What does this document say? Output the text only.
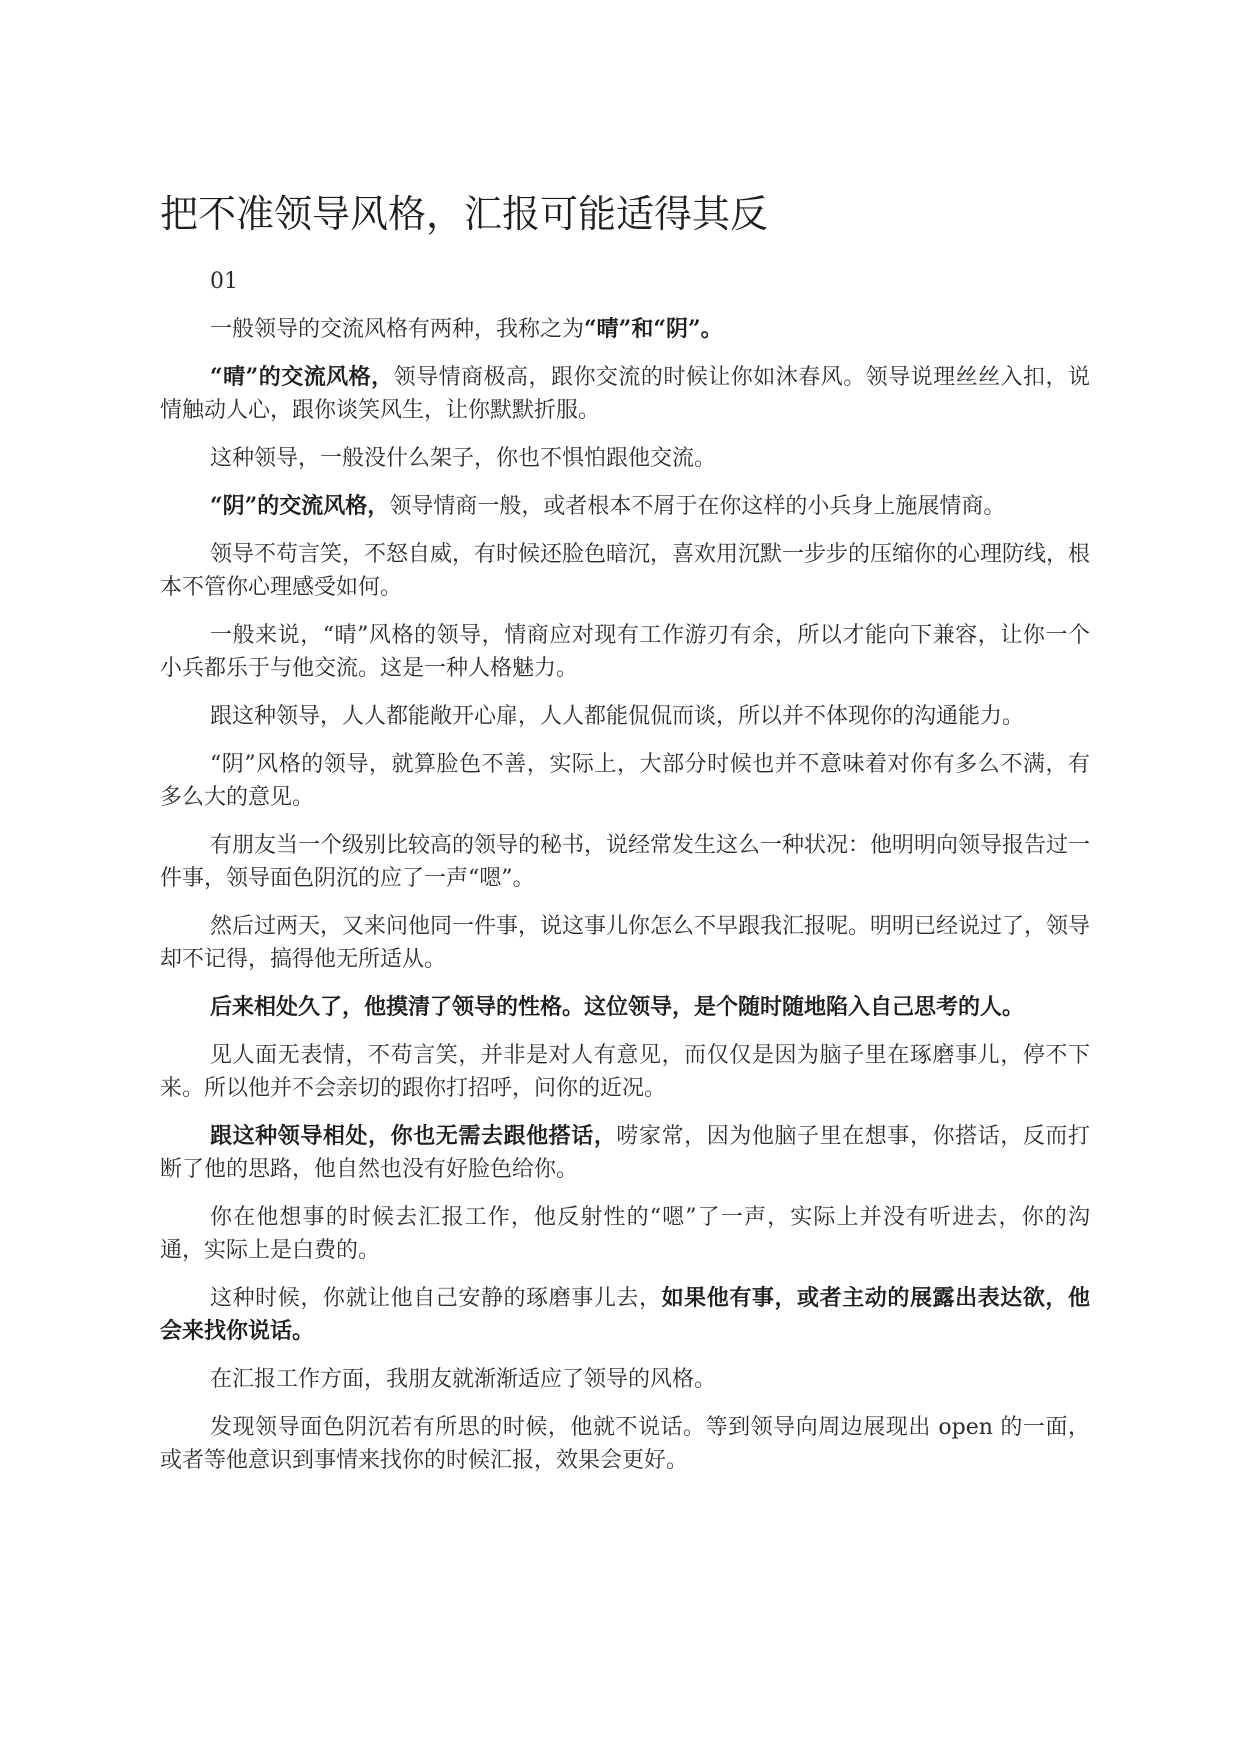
把不准领导风格，汇报可能适得其反

01

一般领导的交流风格有两种，我称之为“晴”和“阴”。

“晴”的交流风格，领导情商极高，跟你交流的时候让你如沐春风。领导说理丝丝入扣，说情触动人心，跟你谈笑风生，让你默默折服。

这种领导，一般没什么架子，你也不惧怕跟他交流。

“阴”的交流风格，领导情商一般，或者根本不屑于在你这样的小兵身上施展情商。

领导不苟言笑，不怒自威，有时候还脸色暗沉，喜欢用沉默一步步的压缩你的心理防线，根本不管你心理感受如何。

一般来说，“晴”风格的领导，情商应对现有工作游刃有余，所以才能向下兼容，让你一个小兵都乐于与他交流。这是一种人格魅力。

跟这种领导，人人都能敞开心扉，人人都能侃侃而谈，所以并不体现你的沟通能力。

“阴”风格的领导，就算脸色不善，实际上，大部分时候也并不意味着对你有多么不满，有多么大的意见。

有朋友当一个级别比较高的领导的秘书，说经常发生这么一种状况：他明明向领导报告过一件事，领导面色阴沉的应了一声“嗯”。

然后过两天，又来问他同一件事，说这事儿你怎么不早跟我汇报呢。明明已经说过了，领导却不记得，搞得他无所适从。

后来相处久了，他摸清了领导的性格。这位领导，是个随时随地陷入自己思考的人。

见人面无表情，不苟言笑，并非是对人有意见，而仅仅是因为脑子里在琢磨事儿，停不下来。所以他并不会亲切的跟你打招呼，问你的近况。

跟这种领导相处，你也无需去跟他搭话，唠家常，因为他脑子里在想事，你搭话，反而打断了他的思路，他自然也没有好脸色给你。

你在他想事的时候去汇报工作，他反射性的“嗯”了一声，实际上并没有听进去，你的沟通，实际上是白费的。

这种时候，你就让他自己安静的琢磨事儿去，如果他有事，或者主动的展露出表达欲，他会来找你说话。

在汇报工作方面，我朋友就渐渐适应了领导的风格。

发现领导面色阴沉若有所思的时候，他就不说话。等到领导向周边展现出 open 的一面，或者等他意识到事情来找你的时候汇报，效果会更好。
